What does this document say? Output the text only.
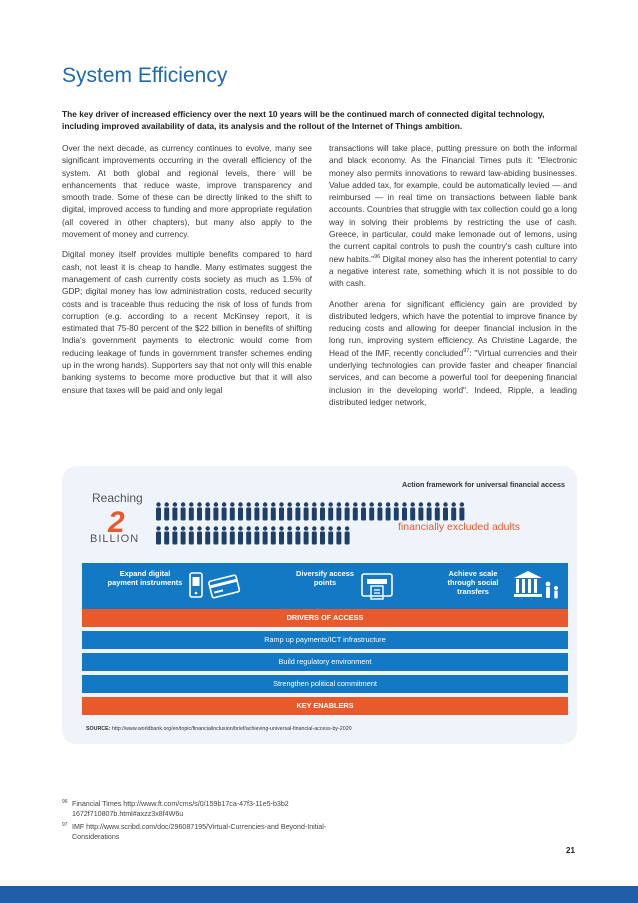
System Efficiency

The key driver of increased efficiency over the next 10 years will be the continued march of connected digital technology, including improved availability of data, its analysis and the rollout of the Internet of Things ambition.

Over the next decade, as currency continues to evolve, many see significant improvements occurring in the overall efficiency of the system. At both global and regional levels, there will be enhancements that reduce waste, improve transparency and smooth trade. Some of these can be directly linked to the shift to digital, improved access to funding and more appropriate regulation (all covered in other chapters), but many also apply to the movement of money and currency.

Digital money itself provides multiple benefits compared to hard cash, not least it is cheap to handle. Many estimates suggest the management of cash currently costs society as much as 1.5% of GDP; digital money has low administration costs, reduced security costs and is traceable thus reducing the risk of loss of funds from corruption (e.g. according to a recent McKinsey report, it is estimated that 75-80 percent of the $22 billion in benefits of shifting India's government payments to electronic would come from reducing leakage of funds in government transfer schemes ending up in the wrong hands). Supporters say that not only will this enable banking systems to become more productive but that it will also ensure that taxes will be paid and only legal

transactions will take place, putting pressure on both the informal and black economy. As the Financial Times puts it: "Electronic money also permits innovations to reward law-abiding businesses. Value added tax, for example, could be automatically levied — and reimbursed — in real time on transactions between liable bank accounts. Countries that struggle with tax collection could go a long way in solving their problems by restricting the use of cash. Greece, in particular, could make lemonade out of lemons, using the current capital controls to push the country's cash culture into new habits."$^{96}$ Digital money also has the inherent potential to carry a negative interest rate, something which it is not possible to do with cash.

Another arena for significant efficiency gain are provided by distributed ledgers, which have the potential to improve finance by reducing costs and allowing for deeper financial inclusion in the long run, improving system efficiency. As Christine Lagarde, the Head of the IMF, recently concluded$^{97}$: "Virtual currencies and their underlying technologies can provide faster and cheaper financial services, and can become a powerful tool for deepening financial inclusion in the developing world". Indeed, Ripple, a leading distributed ledger network,

Action framework for universal financial access
Reaching
2
BILLION
financially excluded adults
Expand digital payment instruments
Diversify access points
Achieve scale through social transfers
DRIVERS OF ACCESS
Ramp up payments/ICT infrastructure
Build regulatory environment
Strengthen political commitment
KEY ENABLERS
SOURCE: http://www.worldbank.org/en/topic/financialinclusion/brief/achieving-universal-financial-access-by-2020
96 Financial Times http://www.ft.com/cms/s/0/159b17ca-47f3-11e5-b3b2 1672f710807b.html#axzz3x8f4W6u
97 IMF http://www.scribd.com/doc/296087195/Virtual-Currencies-and Beyond-Initial-Considerations
21
